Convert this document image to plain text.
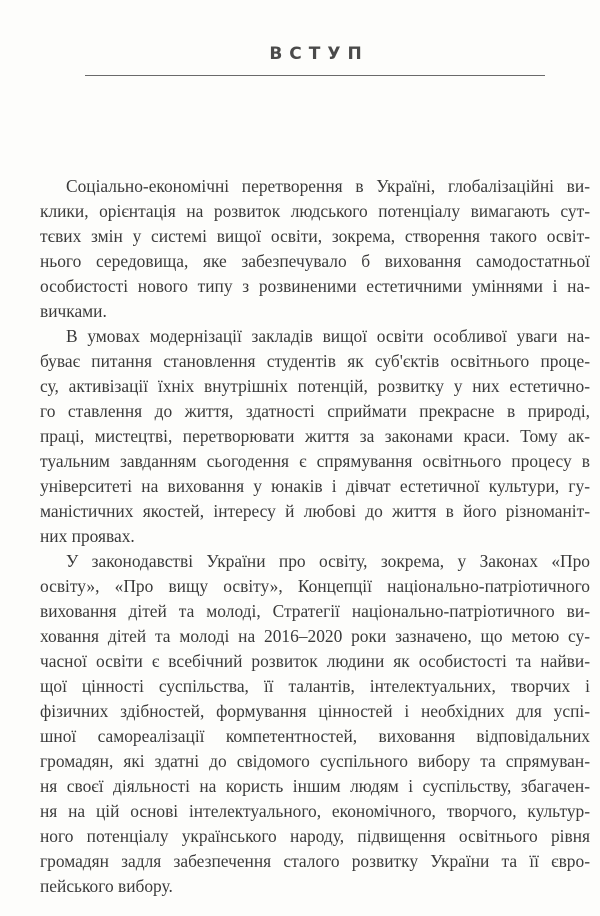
ВСТУП
Соціально-економічні перетворення в Україні, глобалізаційні ви-
клики, орієнтація на розвиток людського потенціалу вимагають сут-
тєвих змін у системі вищої освіти, зокрема, створення такого освіт-
нього середовища, яке забезпечувало б виховання самодостатньої
особистості нового типу з розвиненими естетичними уміннями і на-
вичками.
В умовах модернізації закладів вищої освіти особливої уваги на-
буває питання становлення студентів як суб'єктів освітнього проце-
су, активізації їхніх внутрішніх потенцій, розвитку у них естетично-
го ставлення до життя, здатності сприймати прекрасне в природі,
праці, мистецтві, перетворювати життя за законами краси. Тому ак-
туальним завданням сьогодення є спрямування освітнього процесу в
університеті на виховання у юнаків і дівчат естетичної культури, гу-
маністичних якостей, інтересу й любові до життя в його різноманіт-
них проявах.
У законодавстві України про освіту, зокрема, у Законах «Про
освіту», «Про вищу освіту», Концепції національно-патріотичного
виховання дітей та молоді, Стратегії національно-патріотичного ви-
ховання дітей та молоді на 2016–2020 роки зазначено, що метою су-
часної освіти є всебічний розвиток людини як особистості та найви-
щої цінності суспільства, її талантів, інтелектуальних, творчих і
фізичних здібностей, формування цінностей і необхідних для успі-
шної самореалізації компетентностей, виховання відповідальних
громадян, які здатні до свідомого суспільного вибору та спрямуван-
ня своєї діяльності на користь іншим людям і суспільству, збагачен-
ня на цій основі інтелектуального, економічного, творчого, культур-
ного потенціалу українського народу, підвищення освітнього рівня
громадян задля забезпечення сталого розвитку України та її євро-
пейського вибору.
